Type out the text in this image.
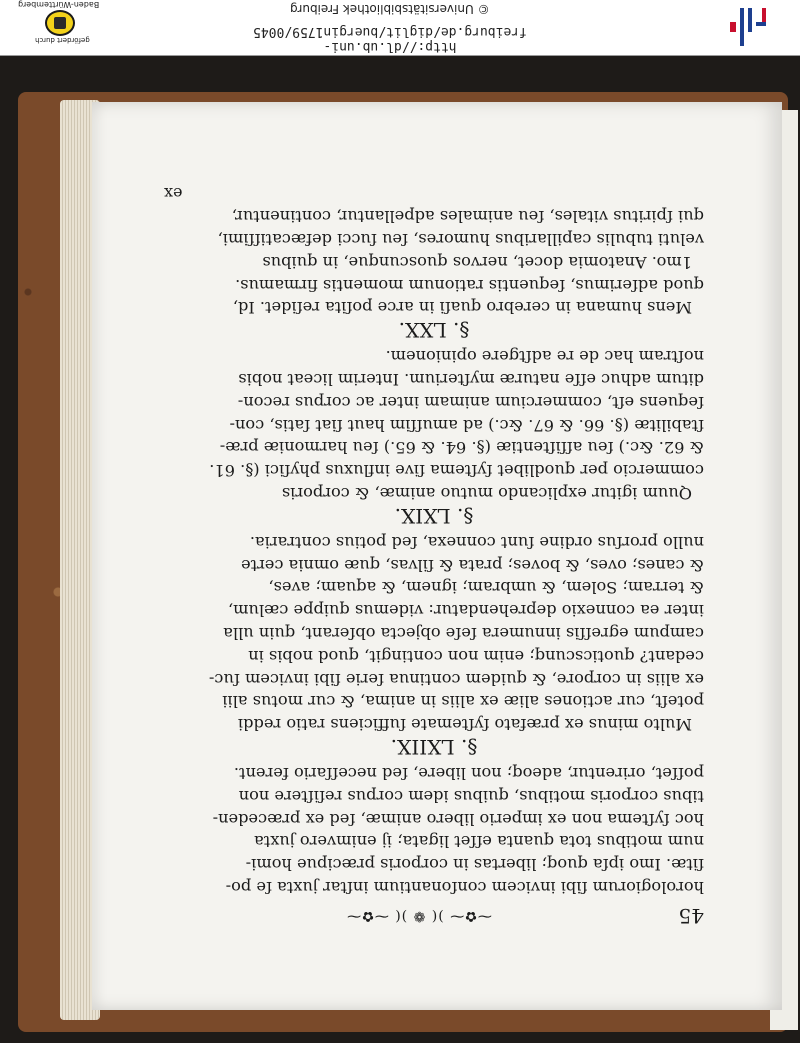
Baden-Württemberg
gefördert durch
© Universitätsbibliothek Freiburg
http://dl.ub.uni-freiburg.de/diglit/buergin1759/0045
45
⁓✿⁓ )( ❁ )( ⁓✿⁓
horologiorum ſibi invicem conſonantium inſtar juxta ſe po-
ſitæ. Imo ipſa quoq; libertas in corporis præcipue homi-
num motibus tota quanta eſſet ligata; ij enimvero juxta
hoc ſyſtema non ex imperio libero animæ, ſed ex præceden-
tibus corporis motibus, quibus idem corpus reſiſtere non
poſſet, orirentur, adeoq; non libere, ſed neceſſario ferent.
§. LXIIX.
Multo minus ex præfato ſyſtemate ſufficiens ratio reddi
poteſt, cur actiones aliæ ex aliis in anima, & cur motus alii
ex aliis in corpore, & quidem continua ſerie ſibi invicem ſuc-
cedant? quoticscunq; enim non contingit, quod nobis in
campum egreſſis innumera ſeſe objecta obſerant, quin ulla
inter ea connexio deprehendatur: videmus quippe cælum,
& terram; Solem, & umbram; ignem, & aquam; aves,
& canes; oves, & boves; prata & ſilvas, quæ omnia certe
nullo prorſus ordine ſunt connexa, ſed potius contraria.
§. LXIX.
Quum igitur explicando mutuo animæ, & corporis
commercio per quodlibet ſyſtema ſive influxus phyſici (§. 61.
& 62. &c.) ſeu aſſiſtentiæ (§. 64. & 65.) ſeu harmoniæ præ-
ſtabilitæ (§. 66. & 67. &c.) ad amuſſim haut ſiat ſatis, con-
ſequens eſt, commercium animam inter ac corpus recon-
ditum adhuc eſſe naturæ myſterium. Interim liceat nobis
noſtram hac de re adſtgere opinionem.
§. LXX.
Mens humana in cerebro quaſi in arce poſita reſidet. Id,
quod adſerimus, ſequentis rationum momentis firmamus.
1mo. Anatomia docet, nervos quoscunque, in quibus
veluti tubulis capillaribus humores, ſeu ſucci defæcatiſſimi,
qui ſpiritus vitales, ſeu animales adpellantur, continentur,
ex
